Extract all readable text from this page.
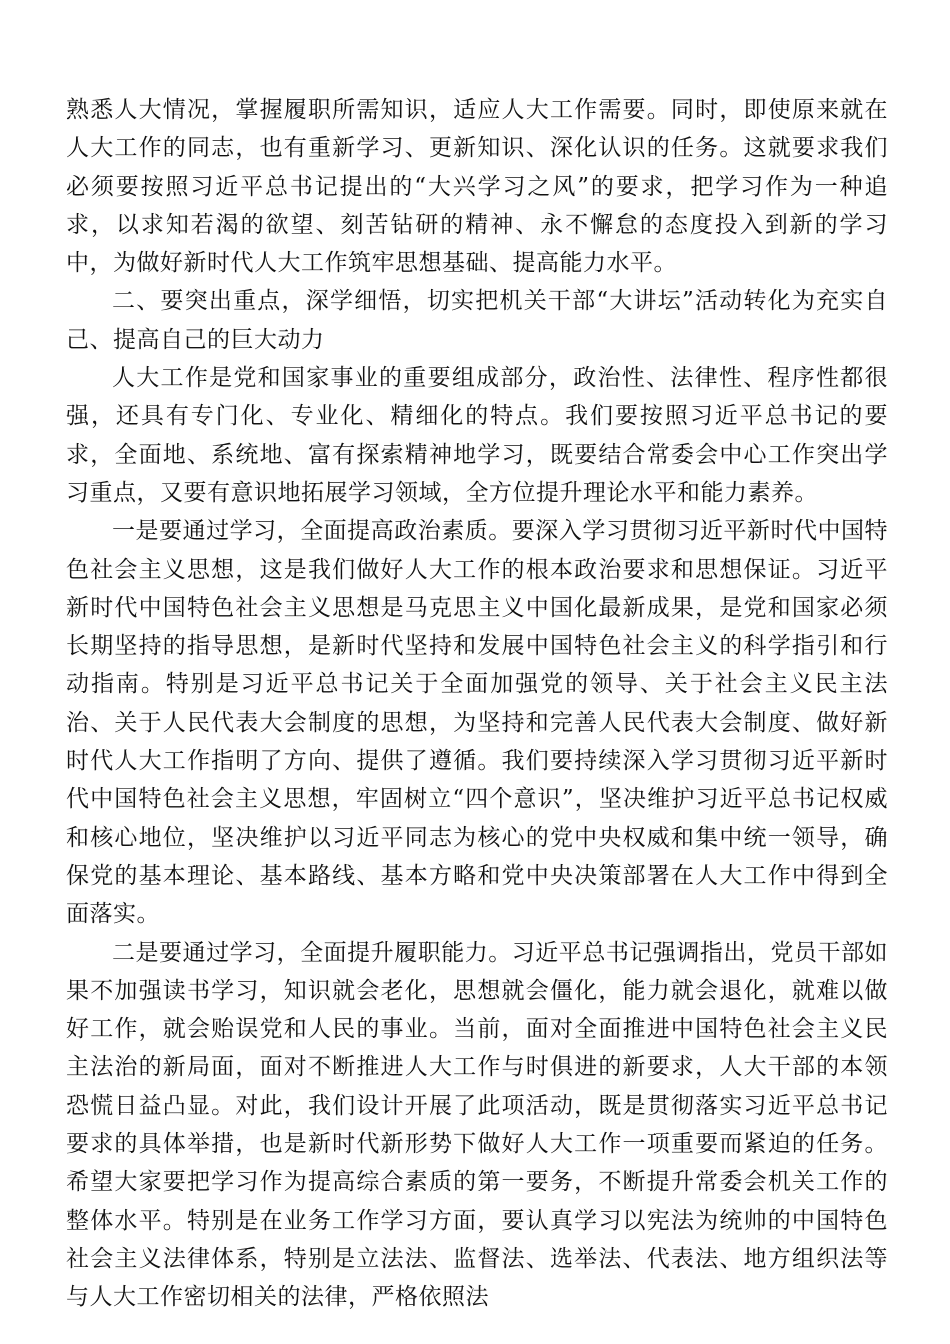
熟悉人大情况，掌握履职所需知识，适应人大工作需要。同时，即使原来就在人大工作的同志，也有重新学习、更新知识、深化认识的任务。这就要求我们必须要按照习近平总书记提出的“大兴学习之风”的要求，把学习作为一种追求，以求知若渴的欲望、刻苦钻研的精神、永不懈怠的态度投入到新的学习中，为做好新时代人大工作筑牢思想基础、提高能力水平。

二、要突出重点，深学细悟，切实把机关干部“大讲坛”活动转化为充实自己、提高自己的巨大动力

人大工作是党和国家事业的重要组成部分，政治性、法律性、程序性都很强，还具有专门化、专业化、精细化的特点。我们要按照习近平总书记的要求，全面地、系统地、富有探索精神地学习，既要结合常委会中心工作突出学习重点，又要有意识地拓展学习领域，全方位提升理论水平和能力素养。

一是要通过学习，全面提高政治素质。要深入学习贯彻习近平新时代中国特色社会主义思想，这是我们做好人大工作的根本政治要求和思想保证。习近平新时代中国特色社会主义思想是马克思主义中国化最新成果，是党和国家必须长期坚持的指导思想，是新时代坚持和发展中国特色社会主义的科学指引和行动指南。特别是习近平总书记关于全面加强党的领导、关于社会主义民主法治、关于人民代表大会制度的思想，为坚持和完善人民代表大会制度、做好新时代人大工作指明了方向、提供了遵循。我们要持续深入学习贯彻习近平新时代中国特色社会主义思想，牢固树立“四个意识”，坚决维护习近平总书记权威和核心地位，坚决维护以习近平同志为核心的党中央权威和集中统一领导，确保党的基本理论、基本路线、基本方略和党中央决策部署在人大工作中得到全面落实。

二是要通过学习，全面提升履职能力。习近平总书记强调指出，党员干部如果不加强读书学习，知识就会老化，思想就会僵化，能力就会退化，就难以做好工作，就会贻误党和人民的事业。当前，面对全面推进中国特色社会主义民主法治的新局面，面对不断推进人大工作与时俱进的新要求，人大干部的本领恐慌日益凸显。对此，我们设计开展了此项活动，既是贯彻落实习近平总书记要求的具体举措，也是新时代新形势下做好人大工作一项重要而紧迫的任务。希望大家要把学习作为提高综合素质的第一要务，不断提升常委会机关工作的整体水平。特别是在业务工作学习方面，要认真学习以宪法为统帅的中国特色社会主义法律体系，特别是立法法、监督法、选举法、代表法、地方组织法等与人大工作密切相关的法律，严格依照法
